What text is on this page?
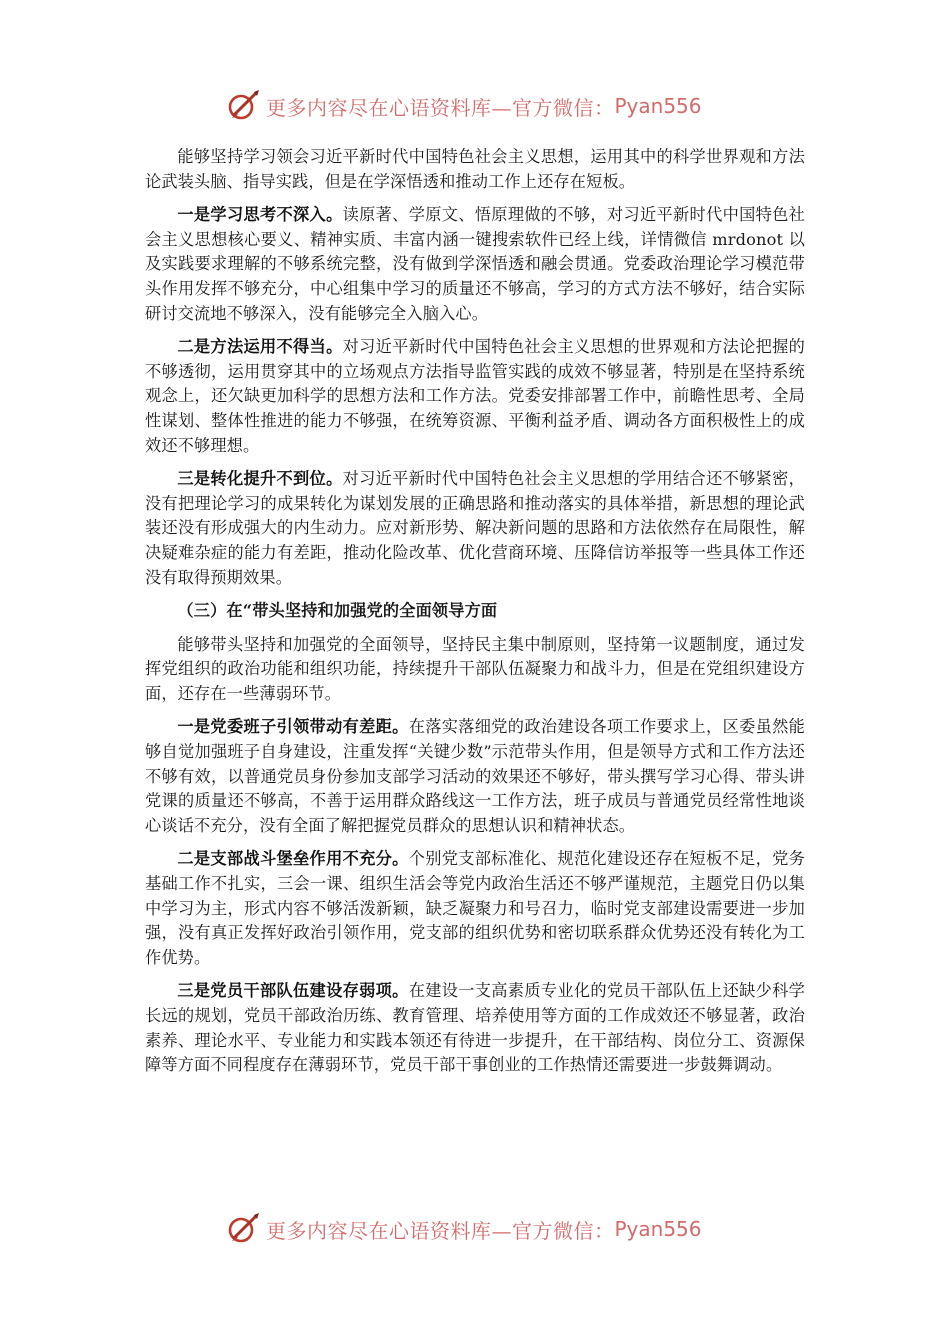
更多内容尽在心语资料库—官方微信： Pyan556

能够坚持学习领会习近平新时代中国特色社会主义思想，运用其中的科学世界观和方法论武装头脑、指导实践，但是在学深悟透和推动工作上还存在短板。

一是学习思考不深入。读原著、学原文、悟原理做的不够，对习近平新时代中国特色社会主义思想核心要义、精神实质、丰富内涵一键搜索软件已经上线，详情微信 mrdonot 以及实践要求理解的不够系统完整，没有做到学深悟透和融会贯通。党委政治理论学习模范带头作用发挥不够充分，中心组集中学习的质量还不够高，学习的方式方法不够好，结合实际研讨交流地不够深入，没有能够完全入脑入心。

二是方法运用不得当。对习近平新时代中国特色社会主义思想的世界观和方法论把握的不够透彻，运用贯穿其中的立场观点方法指导监管实践的成效不够显著，特别是在坚持系统观念上，还欠缺更加科学的思想方法和工作方法。党委安排部署工作中，前瞻性思考、全局性谋划、整体性推进的能力不够强，在统筹资源、平衡利益矛盾、调动各方面积极性上的成效还不够理想。

三是转化提升不到位。对习近平新时代中国特色社会主义思想的学用结合还不够紧密，没有把理论学习的成果转化为谋划发展的正确思路和推动落实的具体举措，新思想的理论武装还没有形成强大的内生动力。应对新形势、解决新问题的思路和方法依然存在局限性，解决疑难杂症的能力有差距，推动化险改革、优化营商环境、压降信访举报等一些具体工作还没有取得预期效果。

（三）在“带头坚持和加强党的全面领导方面

能够带头坚持和加强党的全面领导，坚持民主集中制原则，坚持第一议题制度，通过发挥党组织的政治功能和组织功能，持续提升干部队伍凝聚力和战斗力，但是在党组织建设方面，还存在一些薄弱环节。

一是党委班子引领带动有差距。在落实落细党的政治建设各项工作要求上，区委虽然能够自觉加强班子自身建设，注重发挥“关键少数”示范带头作用，但是领导方式和工作方法还不够有效，以普通党员身份参加支部学习活动的效果还不够好，带头撰写学习心得、带头讲党课的质量还不够高，不善于运用群众路线这一工作方法，班子成员与普通党员经常性地谈心谈话不充分，没有全面了解把握党员群众的思想认识和精神状态。

二是支部战斗堡垒作用不充分。个别党支部标准化、规范化建设还存在短板不足，党务基础工作不扎实，三会一课、组织生活会等党内政治生活还不够严谨规范，主题党日仍以集中学习为主，形式内容不够活泼新颖，缺乏凝聚力和号召力，临时党支部建设需要进一步加强，没有真正发挥好政治引领作用，党支部的组织优势和密切联系群众优势还没有转化为工作优势。

三是党员干部队伍建设存弱项。在建设一支高素质专业化的党员干部队伍上还缺少科学长远的规划，党员干部政治历练、教育管理、培养使用等方面的工作成效还不够显著，政治素养、理论水平、专业能力和实践本领还有待进一步提升，在干部结构、岗位分工、资源保障等方面不同程度存在薄弱环节，党员干部干事创业的工作热情还需要进一步鼓舞调动。

更多内容尽在心语资料库—官方微信： Pyan556
